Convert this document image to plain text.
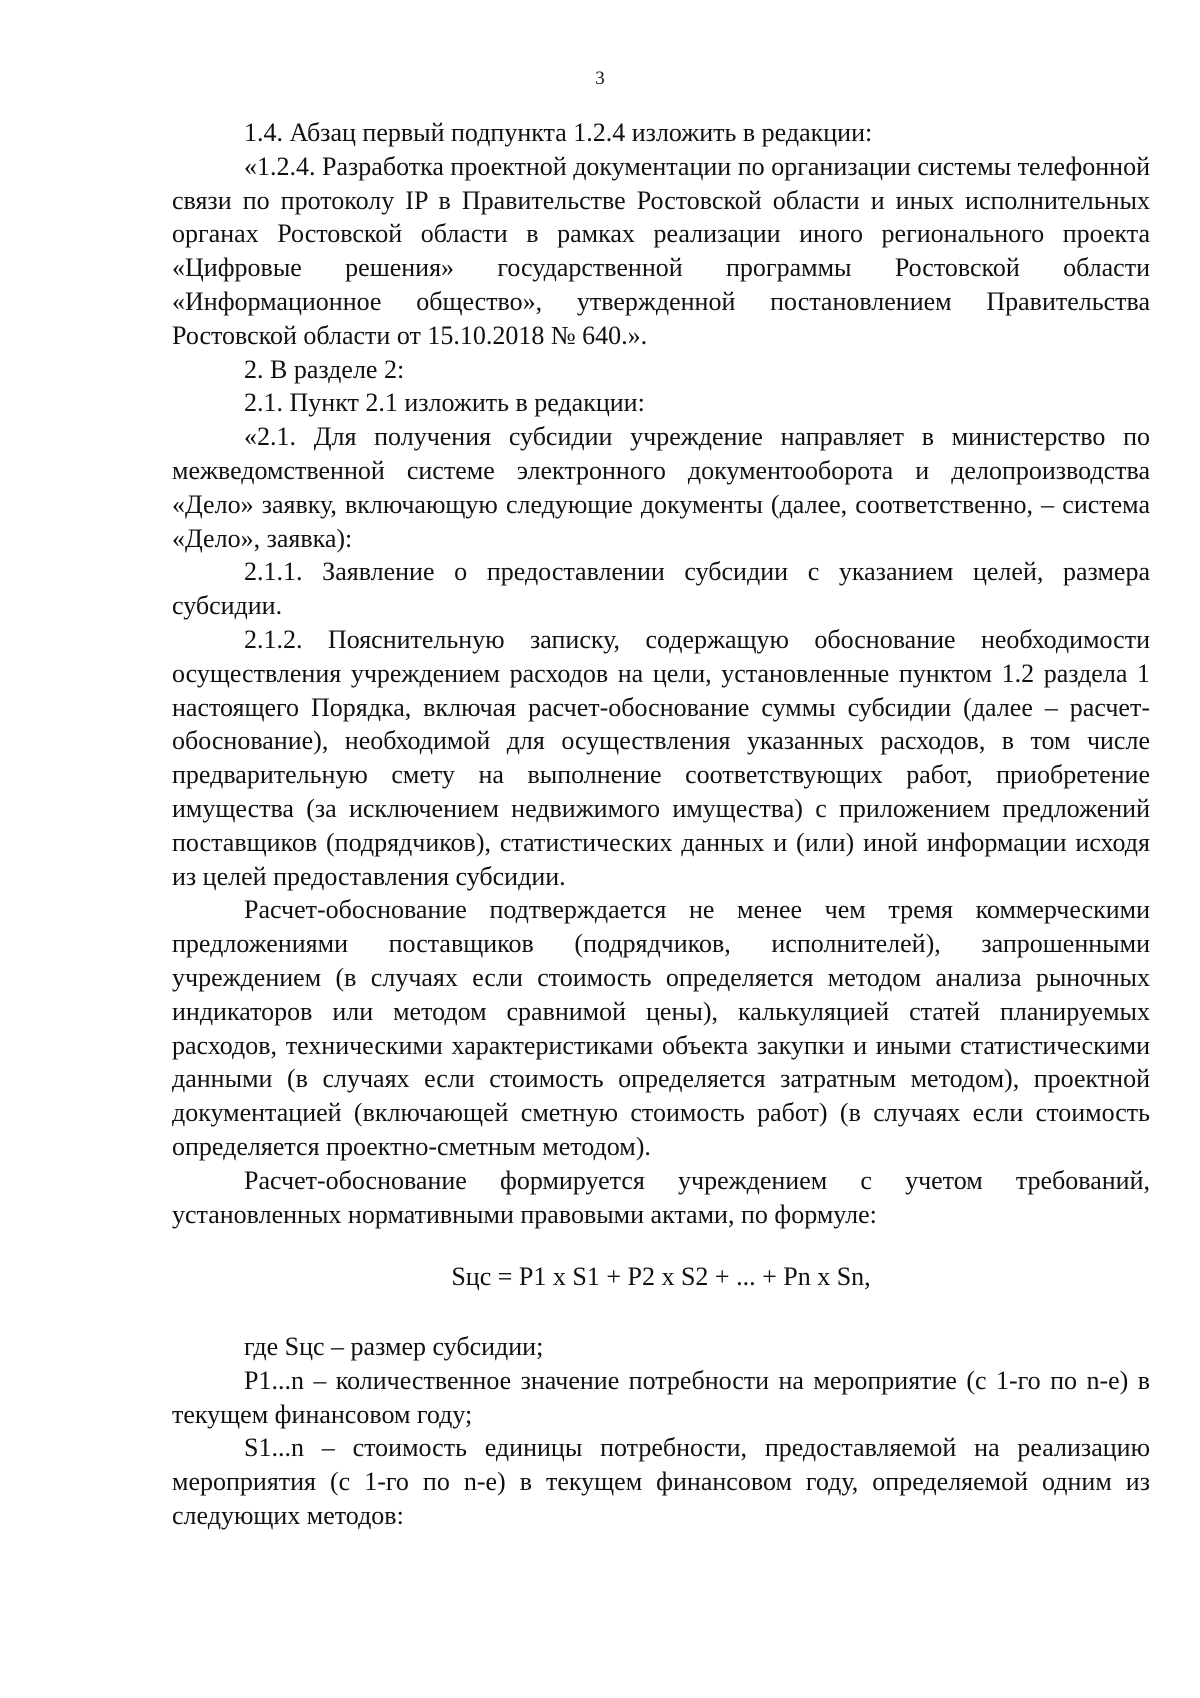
3

1.4. Абзац первый подпункта 1.2.4 изложить в редакции:

«1.2.4. Разработка проектной документации по организации системы телефонной связи по протоколу IP в Правительстве Ростовской области и иных исполнительных органах Ростовской области в рамках реализации иного регионального проекта «Цифровые решения» государственной программы Ростовской области «Информационное общество», утвержденной постановлением Правительства Ростовской области от 15.10.2018 № 640.».

2. В разделе 2:

2.1. Пункт 2.1 изложить в редакции:

«2.1. Для получения субсидии учреждение направляет в министерство по межведомственной системе электронного документооборота и делопроизводства «Дело» заявку, включающую следующие документы (далее, соответственно, – система «Дело», заявка):

2.1.1. Заявление о предоставлении субсидии с указанием целей, размера субсидии.

2.1.2. Пояснительную записку, содержащую обоснование необходимости осуществления учреждением расходов на цели, установленные пунктом 1.2 раздела 1 настоящего Порядка, включая расчет-обоснование суммы субсидии (далее – расчет-обоснование), необходимой для осуществления указанных расходов, в том числе предварительную смету на выполнение соответствующих работ, приобретение имущества (за исключением недвижимого имущества) с приложением предложений поставщиков (подрядчиков), статистических данных и (или) иной информации исходя из целей предоставления субсидии.

Расчет-обоснование подтверждается не менее чем тремя коммерческими предложениями поставщиков (подрядчиков, исполнителей), запрошенными учреждением (в случаях если стоимость определяется методом анализа рыночных индикаторов или методом сравнимой цены), калькуляцией статей планируемых расходов, техническими характеристиками объекта закупки и иными статистическими данными (в случаях если стоимость определяется затратным методом), проектной документацией (включающей сметную стоимость работ) (в случаях если стоимость определяется проектно-сметным методом).

Расчет-обоснование формируется учреждением с учетом требований, установленных нормативными правовыми актами, по формуле:

Sцс = P1 x S1 + P2 x S2 + ... + Pn x Sn,

где Sцс – размер субсидии;

P1...n – количественное значение потребности на мероприятие (с 1-го по n-е) в текущем финансовом году;

S1...n – стоимость единицы потребности, предоставляемой на реализацию мероприятия (с 1-го по n-е) в текущем финансовом году, определяемой одним из следующих методов:
